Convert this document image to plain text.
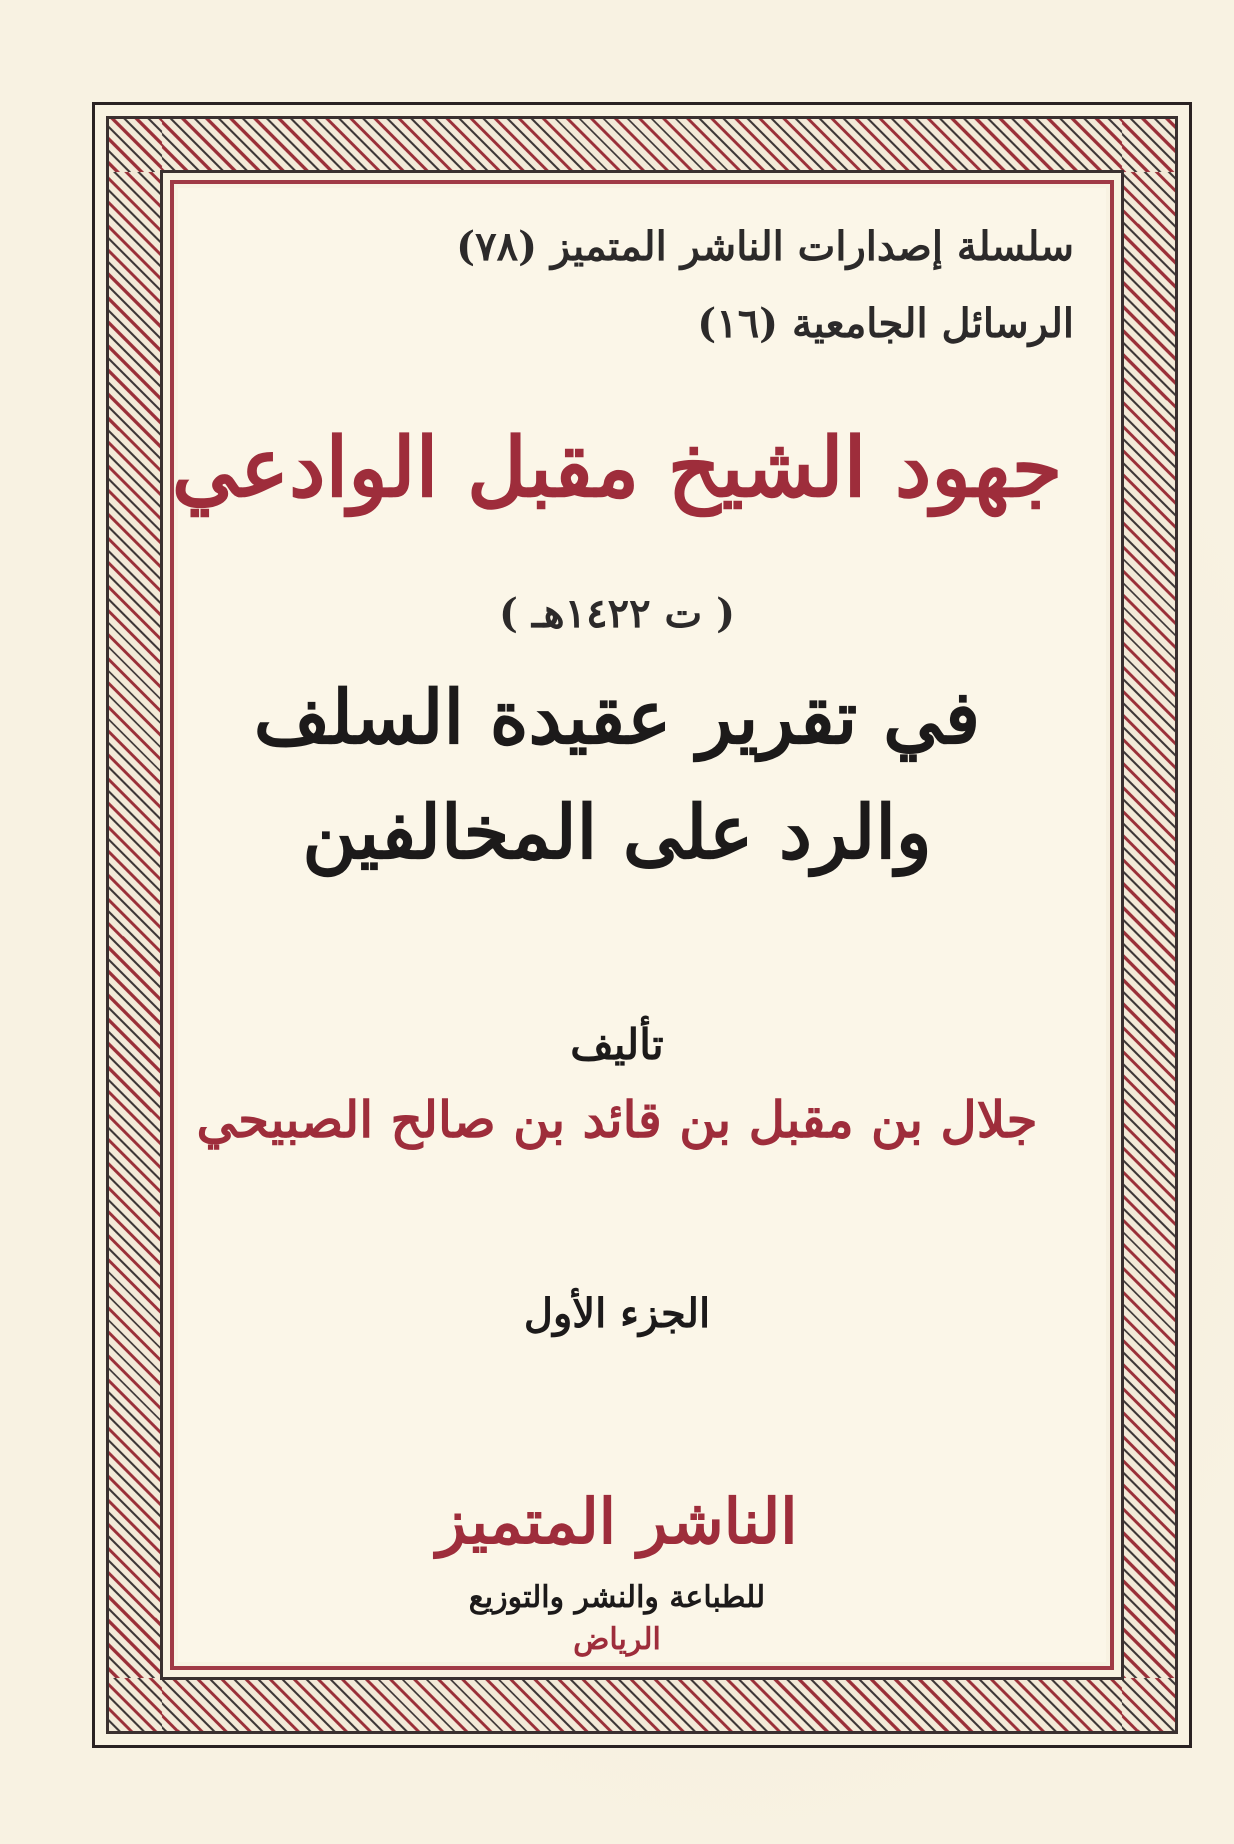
سلسلة إصدارات الناشر المتميز (٧٨)
الرسائل الجامعية (١٦)
جهود الشيخ مقبل الوادعي
( ت ١٤٢٢هـ )
في تقرير عقيدة السلف
والرد على المخالفين
تأليف
جلال بن مقبل بن قائد بن صالح الصبيحي
الجزء الأول
الناشر المتميز
للطباعة والنشر والتوزيع
الرياض
